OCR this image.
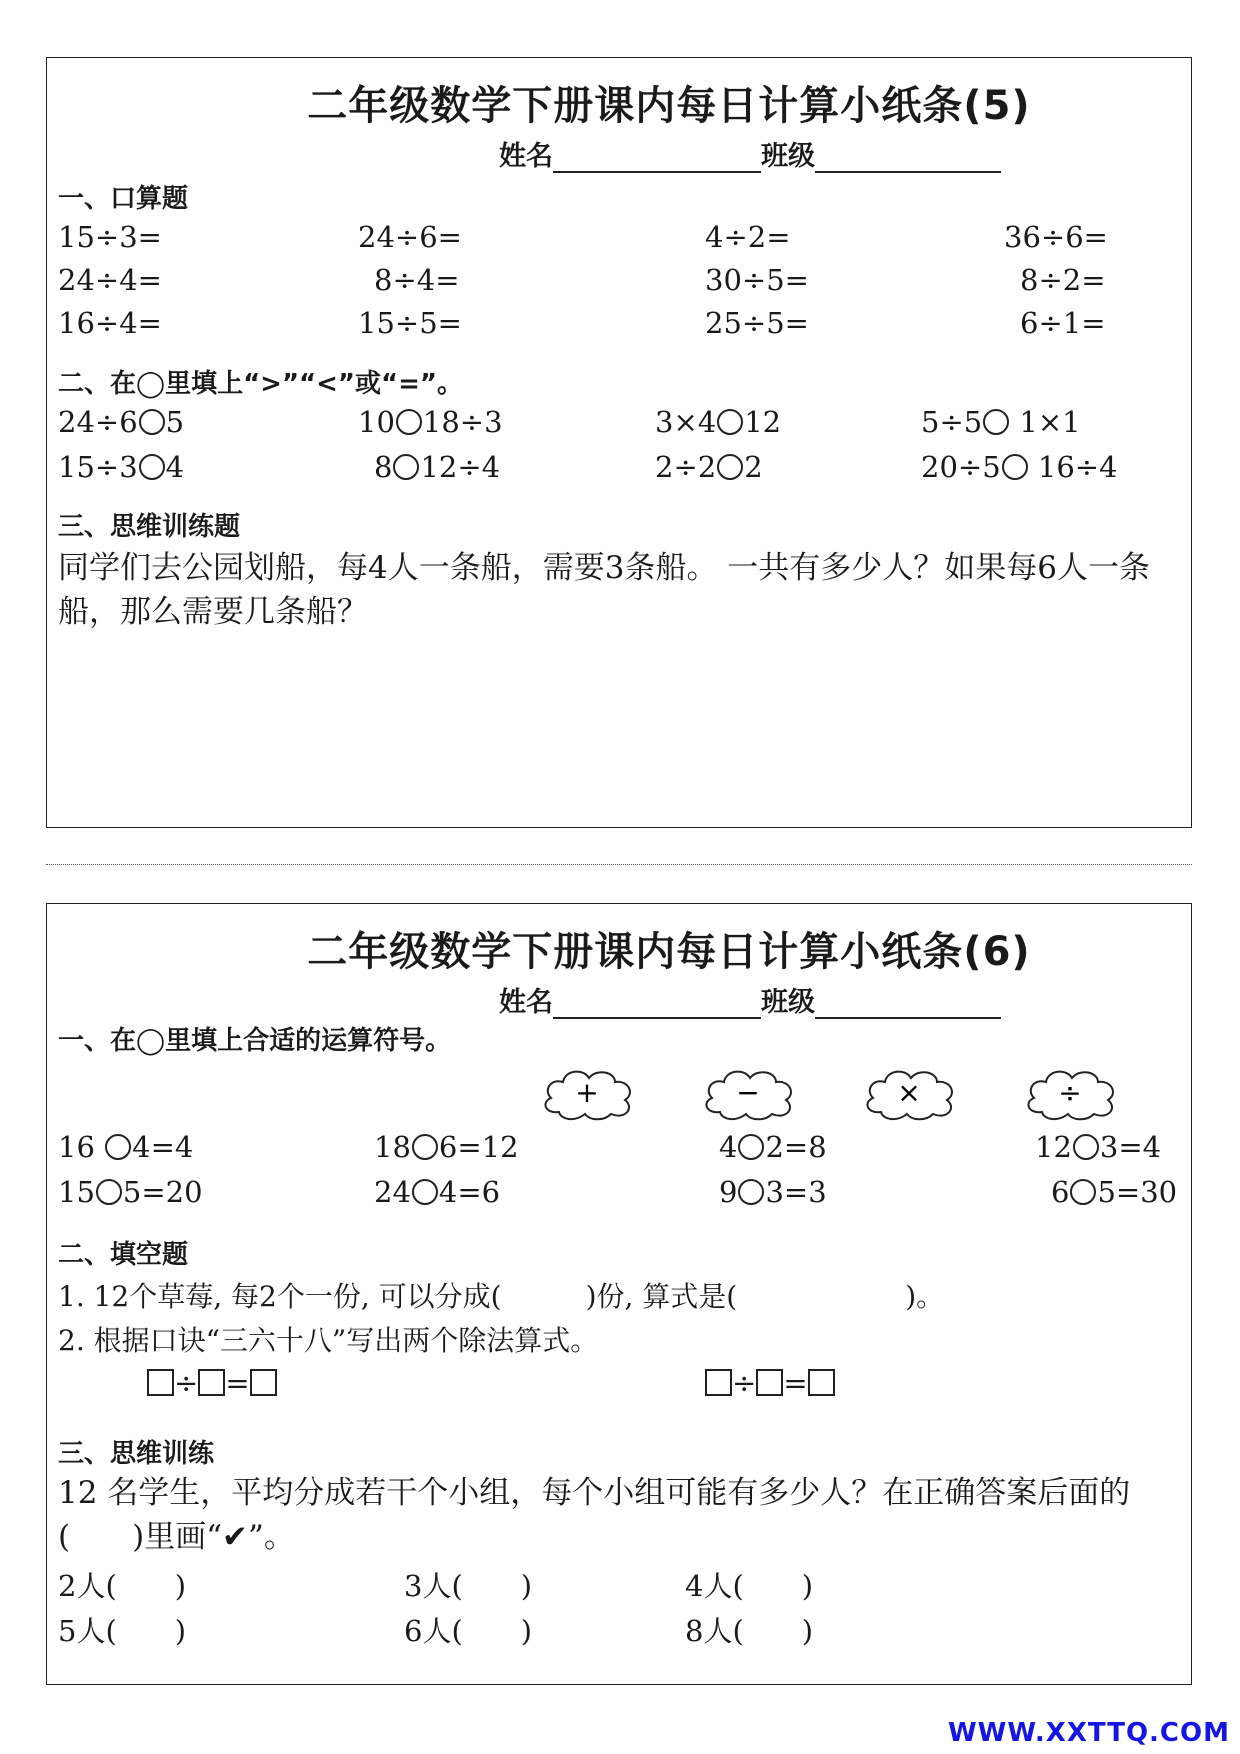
二年级数学下册课内每日计算小纸条(5)
姓名	班级
一、口算题
15÷3=	24÷6=	4÷2=	36÷6=
24÷4=	8÷4=	30÷5=	8÷2=
16÷4=	15÷5=	25÷5=	6÷1=
二、在◯里填上“>”“<”或“=”。
24÷6 5	10 18÷3	3×4 12	5÷5 1×1
15÷3 4	8 12÷4	2÷2 2	20÷5 16÷4
三、思维训练题
同学们去公园划船，每4人一条船，需要3条船。 一共有多少人？如果每6人一条船，那么需要几条船？
二年级数学下册课内每日计算小纸条(6)
姓名	班级
一、在◯里填上合适的运算符号。
+	−	×	÷
16 4=4	18 6=12	4 2=8	12 3=4
15 5=20	24 4=6	9 3=3	6 5=30
二、填空题
1. 12个草莓, 每2个一份, 可以分成(　　　)份, 算式是(　　　　　　)。
2. 根据口诀“三六十八”写出两个除法算式。
÷ =	÷ =
三、思维训练
12 名学生，平均分成若干个小组，每个小组可能有多少人？在正确答案后面的(　　)里画“✔”。
2人(　　)	3人(　　)	4人(　　)
5人(　　)	6人(　　)	8人(　　)
WWW.XXTTQ.COM
